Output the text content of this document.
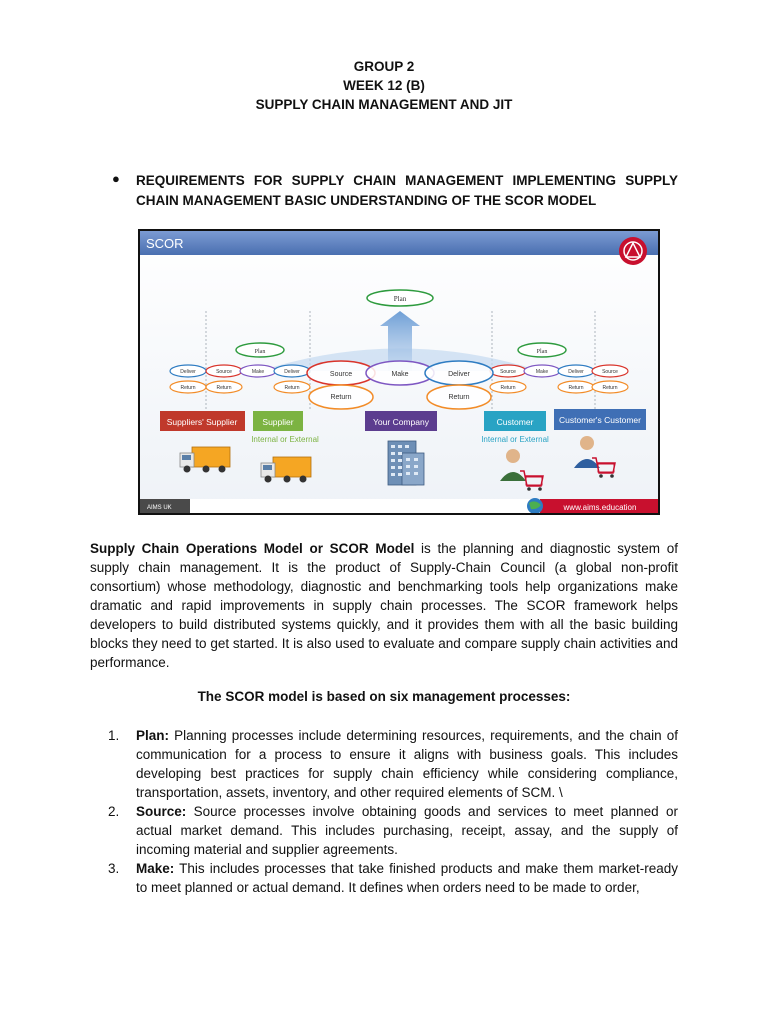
GROUP 2
WEEK 12 (B)
SUPPLY CHAIN MANAGEMENT AND JIT
● REQUIREMENTS FOR SUPPLY CHAIN MANAGEMENT IMPLEMENTING SUPPLY CHAIN MANAGEMENT BASIC UNDERSTANDING OF THE SCOR MODEL
SCOR
Plan
Plan	Plan
Deliver	Source	Make	Deliver
Return	Return	Return
Source	Make	Deliver	Source
Return	Return	Return
Source	Make	Deliver
Return	Return
Suppliers' Supplier	Supplier	Your Company	Customer	Customer's Customer
Internal or External	Internal or External
AIMS UK	www.aims.education
Supply Chain Operations Model or SCOR Model is the planning and diagnostic system of supply chain management. It is the product of Supply-Chain Council (a global non-profit consortium) whose methodology, diagnostic and benchmarking tools help organizations make dramatic and rapid improvements in supply chain processes. The SCOR framework helps developers to build distributed systems quickly, and it provides them with all the basic building blocks they need to get started. It is also used to evaluate and compare supply chain activities and performance.
The SCOR model is based on six management processes:
1. Plan: Planning processes include determining resources, requirements, and the chain of communication for a process to ensure it aligns with business goals. This includes developing best practices for supply chain efficiency while considering compliance, transportation, assets, inventory, and other required elements of SCM. \
2. Source: Source processes involve obtaining goods and services to meet planned or actual market demand. This includes purchasing, receipt, assay, and the supply of incoming material and supplier agreements.
3. Make: This includes processes that take finished products and make them market-ready to meet planned or actual demand. It defines when orders need to be made to order,
